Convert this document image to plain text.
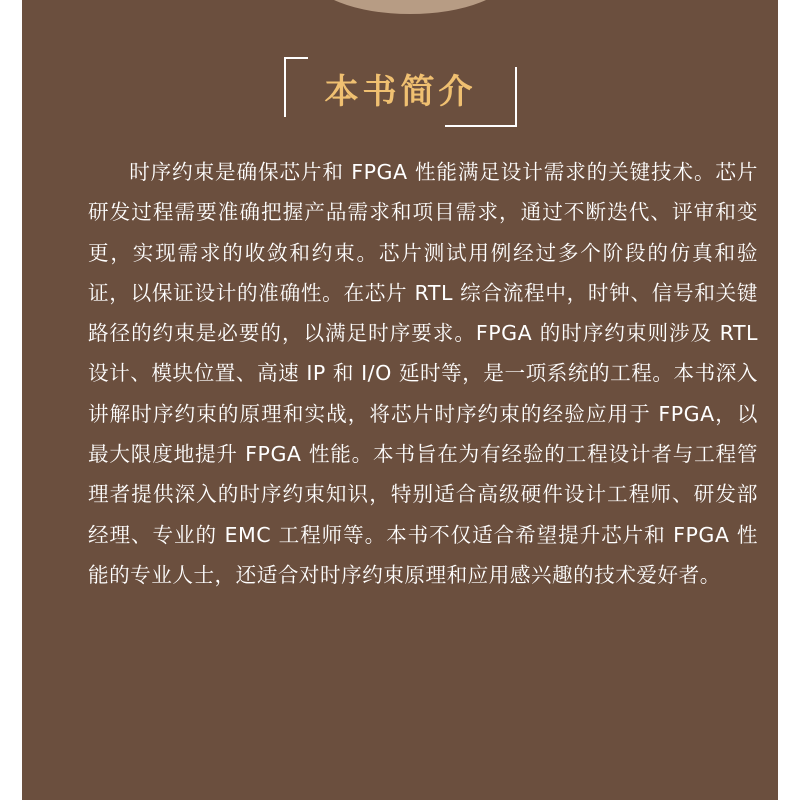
本书简介

时序约束是确保芯片和 FPGA 性能满足设计需求的关键技术。芯片研发过程需要准确把握产品需求和项目需求，通过不断迭代、评审和变更，实现需求的收敛和约束。芯片测试用例经过多个阶段的仿真和验证，以保证设计的准确性。在芯片 RTL 综合流程中，时钟、信号和关键路径的约束是必要的，以满足时序要求。FPGA 的时序约束则涉及 RTL 设计、模块位置、高速 IP 和 I/O 延时等，是一项系统的工程。本书深入讲解时序约束的原理和实战，将芯片时序约束的经验应用于 FPGA，以最大限度地提升 FPGA 性能。本书旨在为有经验的工程设计者与工程管理者提供深入的时序约束知识，特别适合高级硬件设计工程师、研发部经理、专业的 EMC 工程师等。本书不仅适合希望提升芯片和 FPGA 性能的专业人士，还适合对时序约束原理和应用感兴趣的技术爱好者。
